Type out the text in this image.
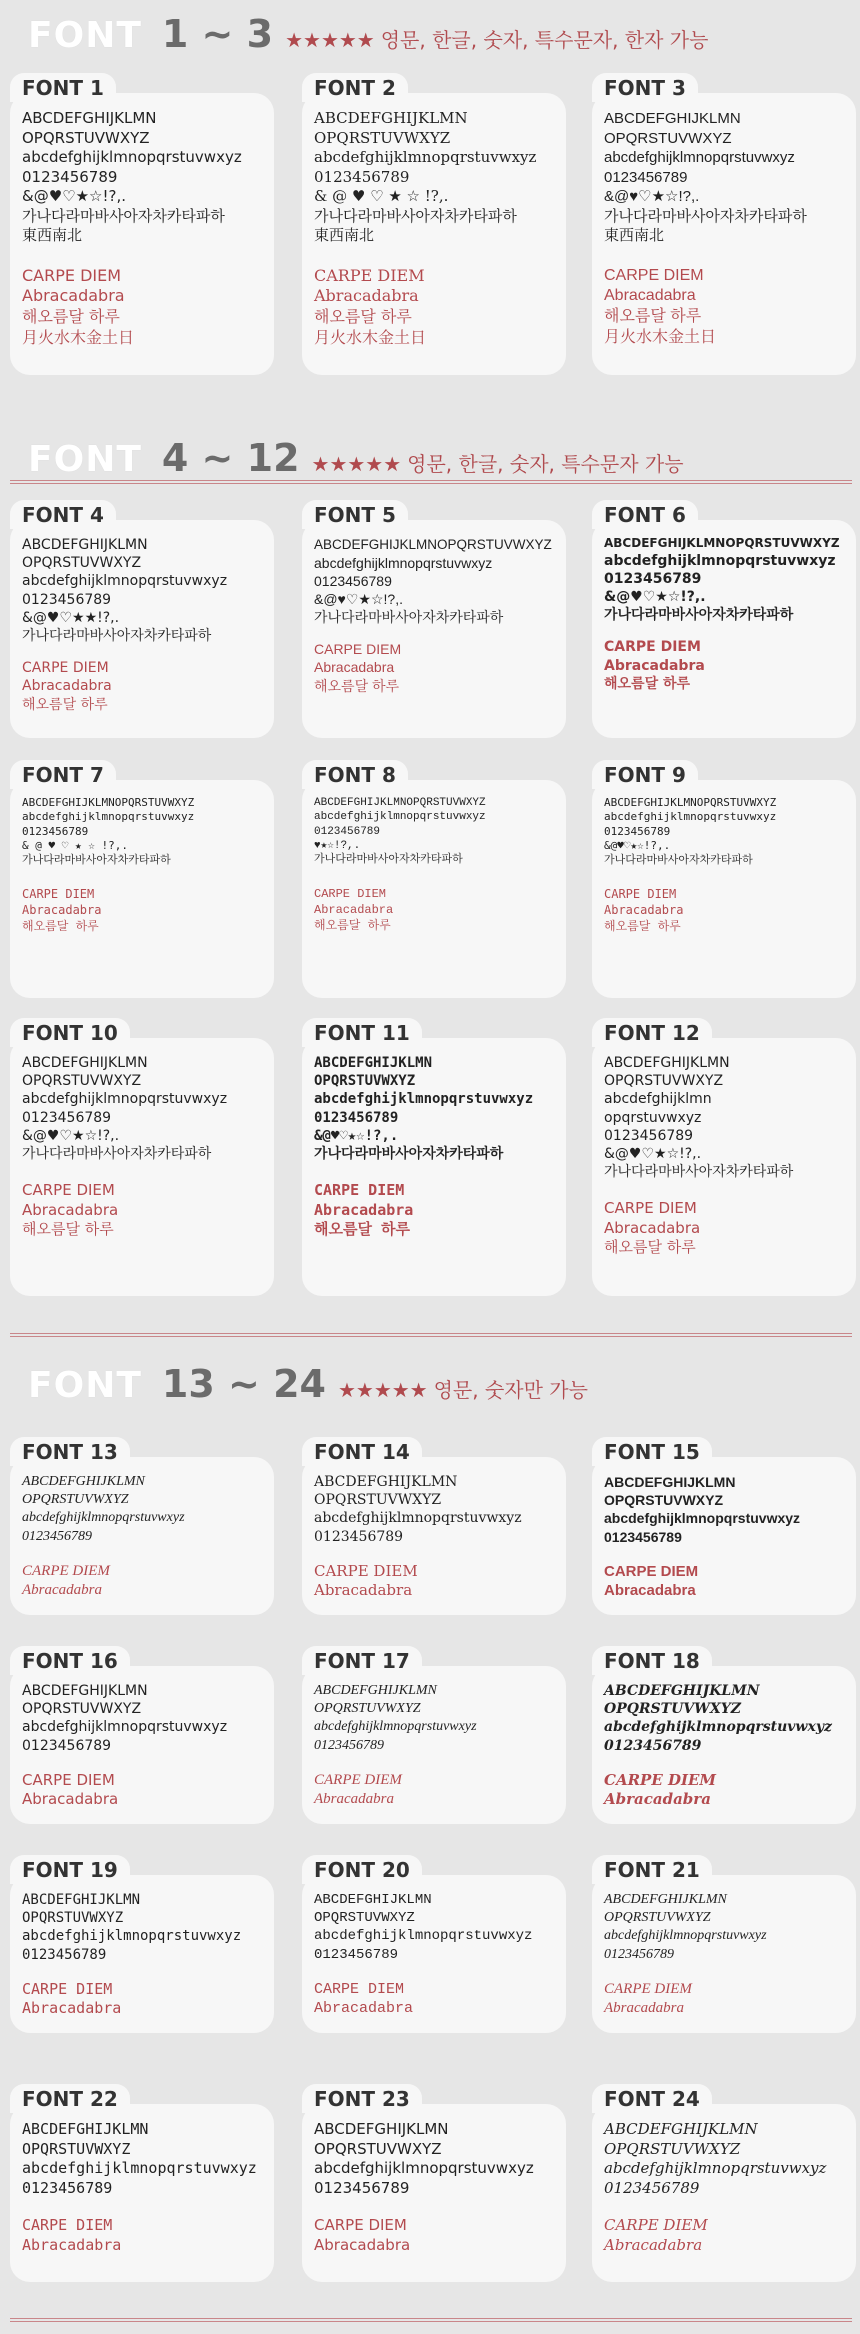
FONT 1 ~ 3 ★★★★★ 영문, 한글, 숫자, 특수문자, 한자 가능
FONT 4 ~ 12 ★★★★★ 영문, 한글, 숫자, 특수문자 가능
FONT 13 ~ 24 ★★★★★ 영문, 숫자만 가능
FONT 1
ABCDEFGHIJKLMN
OPQRSTUVWXYZ
abcdefghijklmnopqrstuvwxyz
0123456789
&@♥♡★☆!?,.
가나다라마바사아자차카타파하
東西南北
CARPE DIEM
Abracadabra
해오름달 하루
月火水木金土日
FONT 2
ABCDEFGHIJKLMN
OPQRSTUVWXYZ
abcdefghijklmnopqrstuvwxyz
0123456789
& @ ♥ ♡ ★ ☆ !?,.
가나다라마바사아자차카타파하
東西南北
CARPE DIEM
Abracadabra
해오름달 하루
月火水木金土日
FONT 3
ABCDEFGHIJKLMN
OPQRSTUVWXYZ
abcdefghijklmnopqrstuvwxyz
0123456789
&@♥♡★☆!?,.
가나다라마바사아자차카타파하
東西南北
CARPE DIEM
Abracadabra
해오름달 하루
月火水木金土日
FONT 4
ABCDEFGHIJKLMN
OPQRSTUVWXYZ
abcdefghijklmnopqrstuvwxyz
0123456789
&@♥♡★★!?,.
가나다라마바사아자차카타파하
CARPE DIEM
Abracadabra
해오름달 하루
FONT 5
ABCDEFGHIJKLMNOPQRSTUVWXYZ
abcdefghijklmnopqrstuvwxyz
0123456789
&@♥♡★☆!?,.
가나다라마바사아자차카타파하
CARPE DIEM
Abracadabra
해오름달 하루
FONT 6
ABCDEFGHIJKLMNOPQRSTUVWXYZ
abcdefghijklmnopqrstuvwxyz
0123456789
&@♥♡★☆!?,.
가나다라마바사아자차카타파하
CARPE DIEM
Abracadabra
해오름달 하루
FONT 7
ABCDEFGHIJKLMNOPQRSTUVWXYZ
abcdefghijklmnopqrstuvwxyz
0123456789
& @ ♥ ♡ ★ ☆ !?,.
가나다라마바사아자차카타파하
CARPE DIEM
Abracadabra
해오름달 하루
FONT 8
ABCDEFGHIJKLMNOPQRSTUVWXYZ
abcdefghijklmnopqrstuvwxyz
0123456789
♥★☆!?,.
가나다라마바사아자차카타파하
CARPE DIEM
Abracadabra
해오름달 하루
FONT 9
ABCDEFGHIJKLMNOPQRSTUVWXYZ
abcdefghijklmnopqrstuvwxyz
0123456789
&@♥♡★☆!?,.
가나다라마바사아자차카타파하
CARPE DIEM
Abracadabra
해오름달 하루
FONT 10
ABCDEFGHIJKLMN
OPQRSTUVWXYZ
abcdefghijklmnopqrstuvwxyz
0123456789
&@♥♡★☆!?,.
가나다라마바사아자차카타파하
CARPE DIEM
Abracadabra
해오름달 하루
FONT 11
ABCDEFGHIJKLMN
OPQRSTUVWXYZ
abcdefghijklmnopqrstuvwxyz
0123456789
&@♥♡★☆!?,.
가나다라마바사아자차카타파하
CARPE DIEM
Abracadabra
해오름달 하루
FONT 12
ABCDEFGHIJKLMN
OPQRSTUVWXYZ
abcdefghijklmn
opqrstuvwxyz
0123456789
&@♥♡★☆!?,.
가나다라마바사아자차카타파하
CARPE DIEM
Abracadabra
해오름달 하루
FONT 13
ABCDEFGHIJKLMN
OPQRSTUVWXYZ
abcdefghijklmnopqrstuvwxyz
0123456789
CARPE DIEM
Abracadabra
FONT 14
ABCDEFGHIJKLMN
OPQRSTUVWXYZ
abcdefghijklmnopqrstuvwxyz
0123456789
CARPE DIEM
Abracadabra
FONT 15
ABCDEFGHIJKLMN
OPQRSTUVWXYZ
abcdefghijklmnopqrstuvwxyz
0123456789
CARPE DIEM
Abracadabra
FONT 16
ABCDEFGHIJKLMN
OPQRSTUVWXYZ
abcdefghijklmnopqrstuvwxyz
0123456789
CARPE DIEM
Abracadabra
FONT 17
ABCDEFGHIJKLMN
OPQRSTUVWXYZ
abcdefghijklmnopqrstuvwxyz
0123456789
CARPE DIEM
Abracadabra
FONT 18
ABCDEFGHIJKLMN
OPQRSTUVWXYZ
abcdefghijklmnopqrstuvwxyz
0123456789
CARPE DIEM
Abracadabra
FONT 19
ABCDEFGHIJKLMN
OPQRSTUVWXYZ
abcdefghijklmnopqrstuvwxyz
0123456789
CARPE DIEM
Abracadabra
FONT 20
ABCDEFGHIJKLMN
OPQRSTUVWXYZ
abcdefghijklmnopqrstuvwxyz
0123456789
CARPE DIEM
Abracadabra
FONT 21
ABCDEFGHIJKLMN
OPQRSTUVWXYZ
abcdefghijklmnopqrstuvwxyz
0123456789
CARPE DIEM
Abracadabra
FONT 22
ABCDEFGHIJKLMN
OPQRSTUVWXYZ
abcdefghijklmnopqrstuvwxyz
0123456789
CARPE DIEM
Abracadabra
FONT 23
ABCDEFGHIJKLMN
OPQRSTUVWXYZ
abcdefghijklmnopqrstuvwxyz
0123456789
CARPE DIEM
Abracadabra
FONT 24
ABCDEFGHIJKLMN
OPQRSTUVWXYZ
abcdefghijklmnopqrstuvwxyz
0123456789
CARPE DIEM
Abracadabra
